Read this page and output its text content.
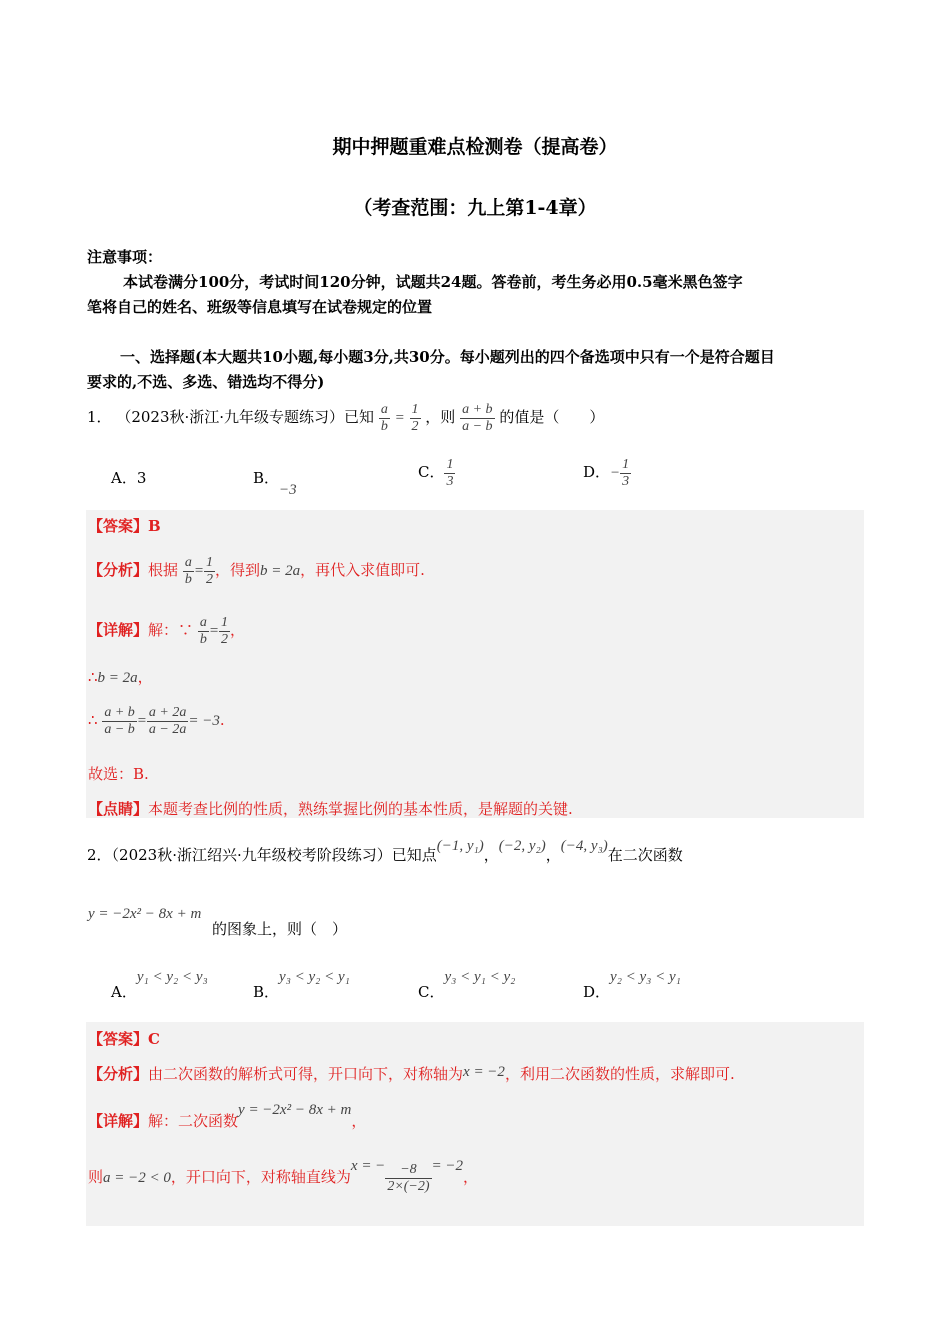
期中押题重难点检测卷（提高卷）
（考查范围：九上第1-4章）
注意事项：
本试卷满分100分，考试时间120分钟，试题共24题。答卷前，考生务必用0.5毫米黑色签字
笔将自己的姓名、班级等信息填写在试卷规定的位置
一、选择题(本大题共10小题,每小题3分,共30分。每小题列出的四个备选项中只有一个是符合题目
要求的,不选、多选、错选均不得分)
1． （2023秋·浙江·九年级专题练习）已知 $\frac{a}{b} = \frac{1}{2}$ ，则 $\frac{a + b}{a - b}$ 的值是（　　）
A．3	B．−3
C． $\frac{1}{3}$	D．− $\frac{1}{3}$
【答案】B
【分析】根据 $\frac{a}{b} = \frac{1}{2}$ ，得到b = 2a，再代入求值即可.
【详解】解：∵ $\frac{a}{b} = \frac{1}{2}$ ，
∴b = 2a，
∴ $\frac{a + b}{a - b} = \frac{a + 2a}{a - 2a} = -3$.
故选：B.
【点睛】本题考查比例的性质，熟练掌握比例的基本性质，是解题的关键.
2．（2023秋·浙江绍兴·九年级校考阶段练习）已知点(−1, y₁)，(−2, y₂)，(−4, y₃)在二次函数
y = −2x² − 8x + m
的图象上，则（　）
A．y₁ < y₂ < y₃
B．y₃ < y₂ < y₁
C．y₃ < y₁ < y₂
D．y₂ < y₃ < y₁
【答案】C
【分析】由二次函数的解析式可得，开口向下，对称轴为x = −2，利用二次函数的性质，求解即可.
【详解】解：二次函数y = −2x² − 8x + m，
则a = −2 < 0，开口向下，对称轴直线为x = − $\frac{-8}{2\times(-2)} = -2$，
